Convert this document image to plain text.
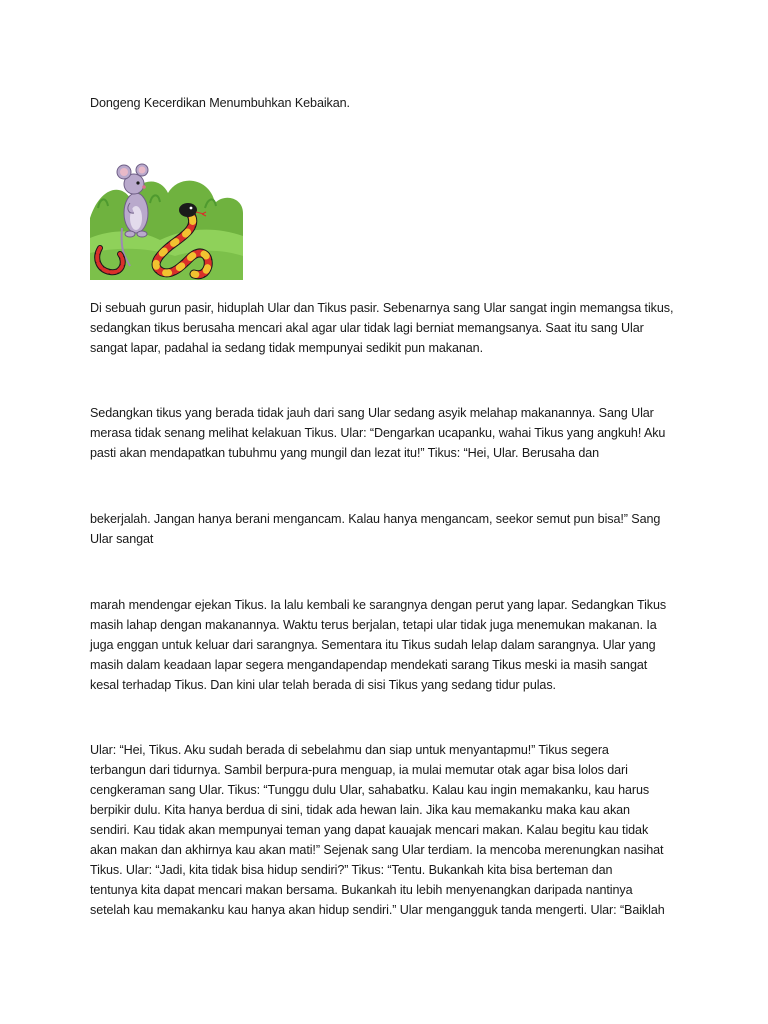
Dongeng Kecerdikan Menumbuhkan Kebaikan.
Di sebuah gurun pasir, hiduplah Ular dan Tikus pasir. Sebenarnya sang Ular sangat ingin memangsa tikus,
sedangkan tikus berusaha mencari akal agar ular tidak lagi berniat memangsanya. Saat itu sang Ular
sangat lapar, padahal ia sedang tidak mempunyai sedikit pun makanan.
Sedangkan tikus yang berada tidak jauh dari sang Ular sedang asyik melahap makanannya. Sang Ular
merasa tidak senang melihat kelakuan Tikus. Ular: “Dengarkan ucapanku, wahai Tikus yang angkuh! Aku
pasti akan mendapatkan tubuhmu yang mungil dan lezat itu!” Tikus: “Hei, Ular. Berusaha dan
bekerjalah. Jangan hanya berani mengancam. Kalau hanya mengancam, seekor semut pun bisa!” Sang
Ular sangat
marah mendengar ejekan Tikus. Ia lalu kembali ke sarangnya dengan perut yang lapar. Sedangkan Tikus
masih lahap dengan makanannya. Waktu terus berjalan, tetapi ular tidak juga menemukan makanan. Ia
juga enggan untuk keluar dari sarangnya. Sementara itu Tikus sudah lelap dalam sarangnya. Ular yang
masih dalam keadaan lapar segera mengandapendap mendekati sarang Tikus meski ia masih sangat
kesal terhadap Tikus. Dan kini ular telah berada di sisi Tikus yang sedang tidur pulas.
Ular: “Hei, Tikus. Aku sudah berada di sebelahmu dan siap untuk menyantapmu!” Tikus segera
terbangun dari tidurnya. Sambil berpura-pura menguap, ia mulai memutar otak agar bisa lolos dari
cengkeraman sang Ular. Tikus: “Tunggu dulu Ular, sahabatku. Kalau kau ingin memakanku, kau harus
berpikir dulu. Kita hanya berdua di sini, tidak ada hewan lain. Jika kau memakanku maka kau akan
sendiri. Kau tidak akan mempunyai teman yang dapat kauajak mencari makan. Kalau begitu kau tidak
akan makan dan akhirnya kau akan mati!” Sejenak sang Ular terdiam. Ia mencoba merenungkan nasihat
Tikus. Ular: “Jadi, kita tidak bisa hidup sendiri?” Tikus: “Tentu. Bukankah kita bisa berteman dan
tentunya kita dapat mencari makan bersama. Bukankah itu lebih menyenangkan daripada nantinya
setelah kau memakanku kau hanya akan hidup sendiri.” Ular mengangguk tanda mengerti. Ular: “Baiklah
